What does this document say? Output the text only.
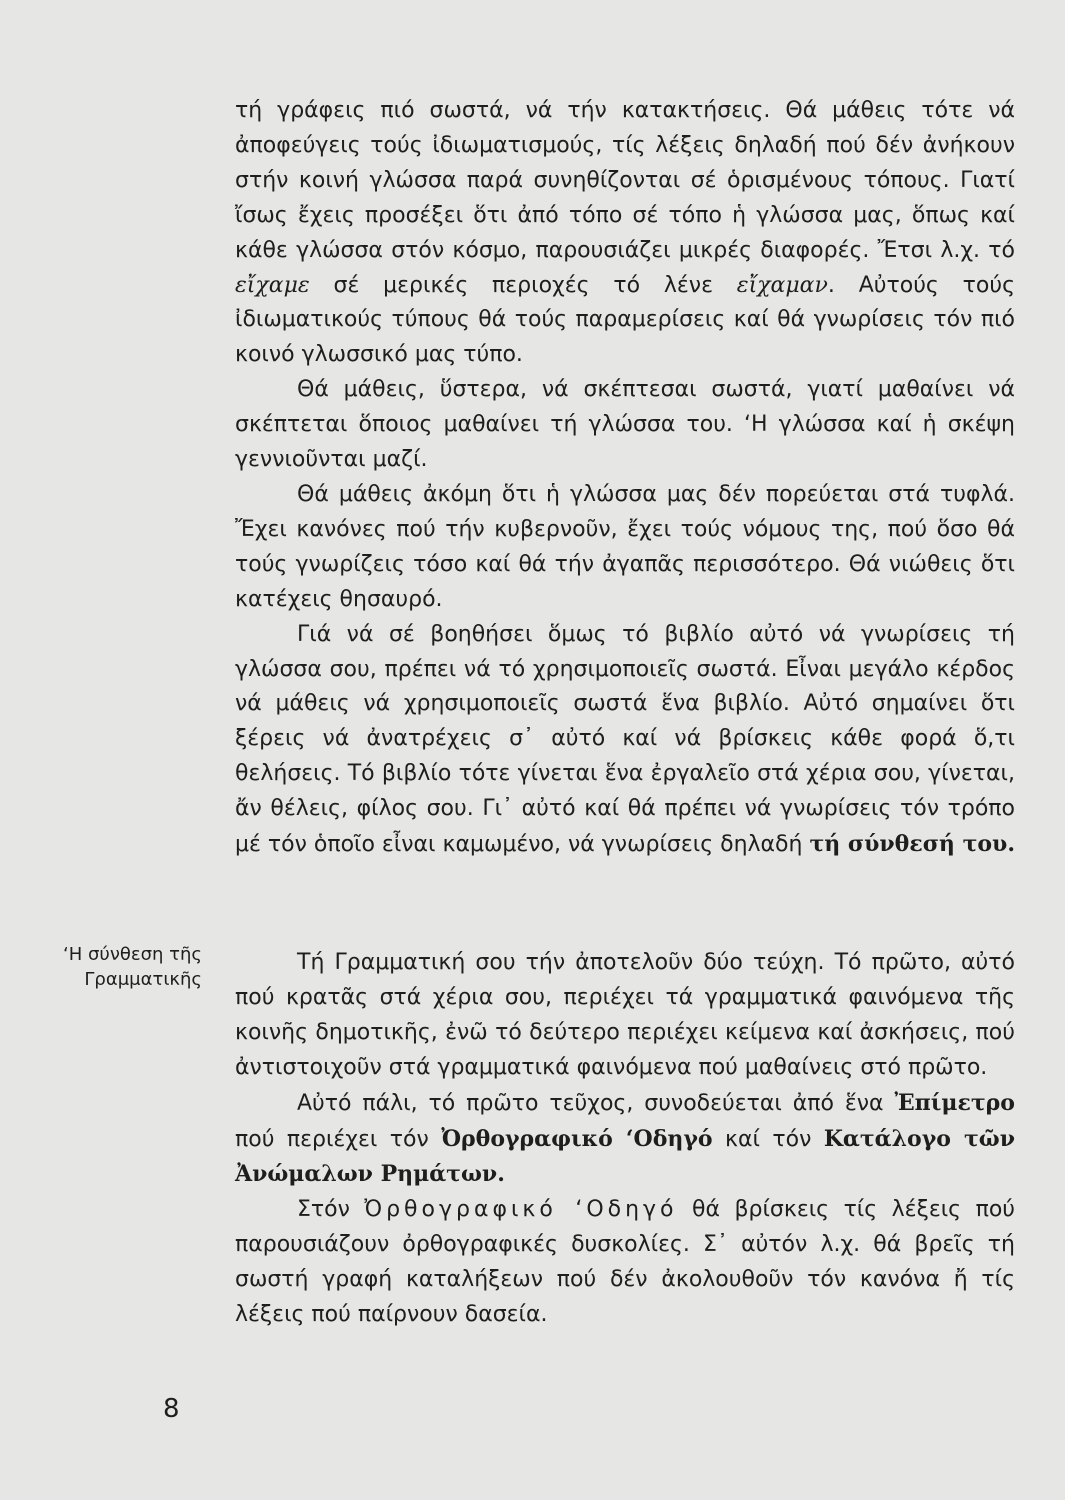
τή γράφεις πιό σωστά, νά τήν κατακτήσεις. Θά μάθεις τότε νά ἀποφεύγεις τούς ἰδιωματισμούς, τίς λέξεις δηλαδή πού δέν ἀνήκουν στήν κοινή γλώσσα παρά συνηθίζονται σέ ὁρισμένους τόπους. Γιατί ἴσως ἔχεις προσέξει ὅτι ἀπό τόπο σέ τόπο ἡ γλώσσα μας, ὅπως καί κάθε γλώσσα στόν κόσμο, παρουσιάζει μικρές διαφορές. Ἔτσι λ.χ. τό εἴχαμε σέ μερικές περιοχές τό λένε εἴχαμαν. Αὐτούς τούς ἰδιωματικούς τύπους θά τούς παραμερίσεις καί θά γνωρίσεις τόν πιό κοινό γλωσσικό μας τύπο.

Θά μάθεις, ὕστερα, νά σκέπτεσαι σωστά, γιατί μαθαίνει νά σκέπτεται ὅποιος μαθαίνει τή γλώσσα του. ‘Η γλώσσα καί ἡ σκέψη γεννιοῦνται μαζί.

Θά μάθεις ἀκόμη ὅτι ἡ γλώσσα μας δέν πορεύεται στά τυφλά. Ἔχει κανόνες πού τήν κυβερνοῦν, ἔχει τούς νόμους της, πού ὅσο θά τούς γνωρίζεις τόσο καί θά τήν ἀγαπᾶς περισσότερο. Θά νιώθεις ὅτι κατέχεις θησαυρό.

Γιά νά σέ βοηθήσει ὅμως τό βιβλίο αὐτό νά γνωρίσεις τή γλώσσα σου, πρέπει νά τό χρησιμοποιεῖς σωστά. Εἶναι μεγάλο κέρδος νά μάθεις νά χρησιμοποιεῖς σωστά ἕνα βιβλίο. Αὐτό σημαίνει ὅτι ξέρεις νά ἀνατρέχεις σ᾽ αὐτό καί νά βρίσκεις κάθε φορά ὅ,τι θελήσεις. Τό βιβλίο τότε γίνεται ἕνα ἐργαλεῖο στά χέρια σου, γίνεται, ἄν θέλεις, φίλος σου. Γι᾽ αὐτό καί θά πρέπει νά γνωρίσεις τόν τρόπο μέ τόν ὁποῖο εἶναι καμωμένο, νά γνωρίσεις δηλαδή τή σύνθεσή του.

‘Η σύνθεση τῆς
Γραμματικῆς

Τή Γραμματική σου τήν ἀποτελοῦν δύο τεύχη. Τό πρῶτο, αὐτό πού κρατᾶς στά χέρια σου, περιέχει τά γραμματικά φαινόμενα τῆς κοινῆς δημοτικῆς, ἐνῶ τό δεύτερο περιέχει κείμενα καί ἀσκήσεις, πού ἀντιστοιχοῦν στά γραμματικά φαινόμενα πού μαθαίνεις στό πρῶτο.

Αὐτό πάλι, τό πρῶτο τεῦχος, συνοδεύεται ἀπό ἕνα Ἐπίμετρο πού περιέχει τόν Ὀρθογραφικό ‘Οδηγό καί τόν Κατάλογο τῶν Ἀνώμαλων Ρημάτων.

Στόν Ὀρθογραφικό ‘Οδηγό θά βρίσκεις τίς λέξεις πού παρουσιάζουν ὀρθογραφικές δυσκολίες. Σ᾽ αὐτόν λ.χ. θά βρεῖς τή σωστή γραφή καταλήξεων πού δέν ἀκολουθοῦν τόν κανόνα ἤ τίς λέξεις πού παίρνουν δασεία.

8
